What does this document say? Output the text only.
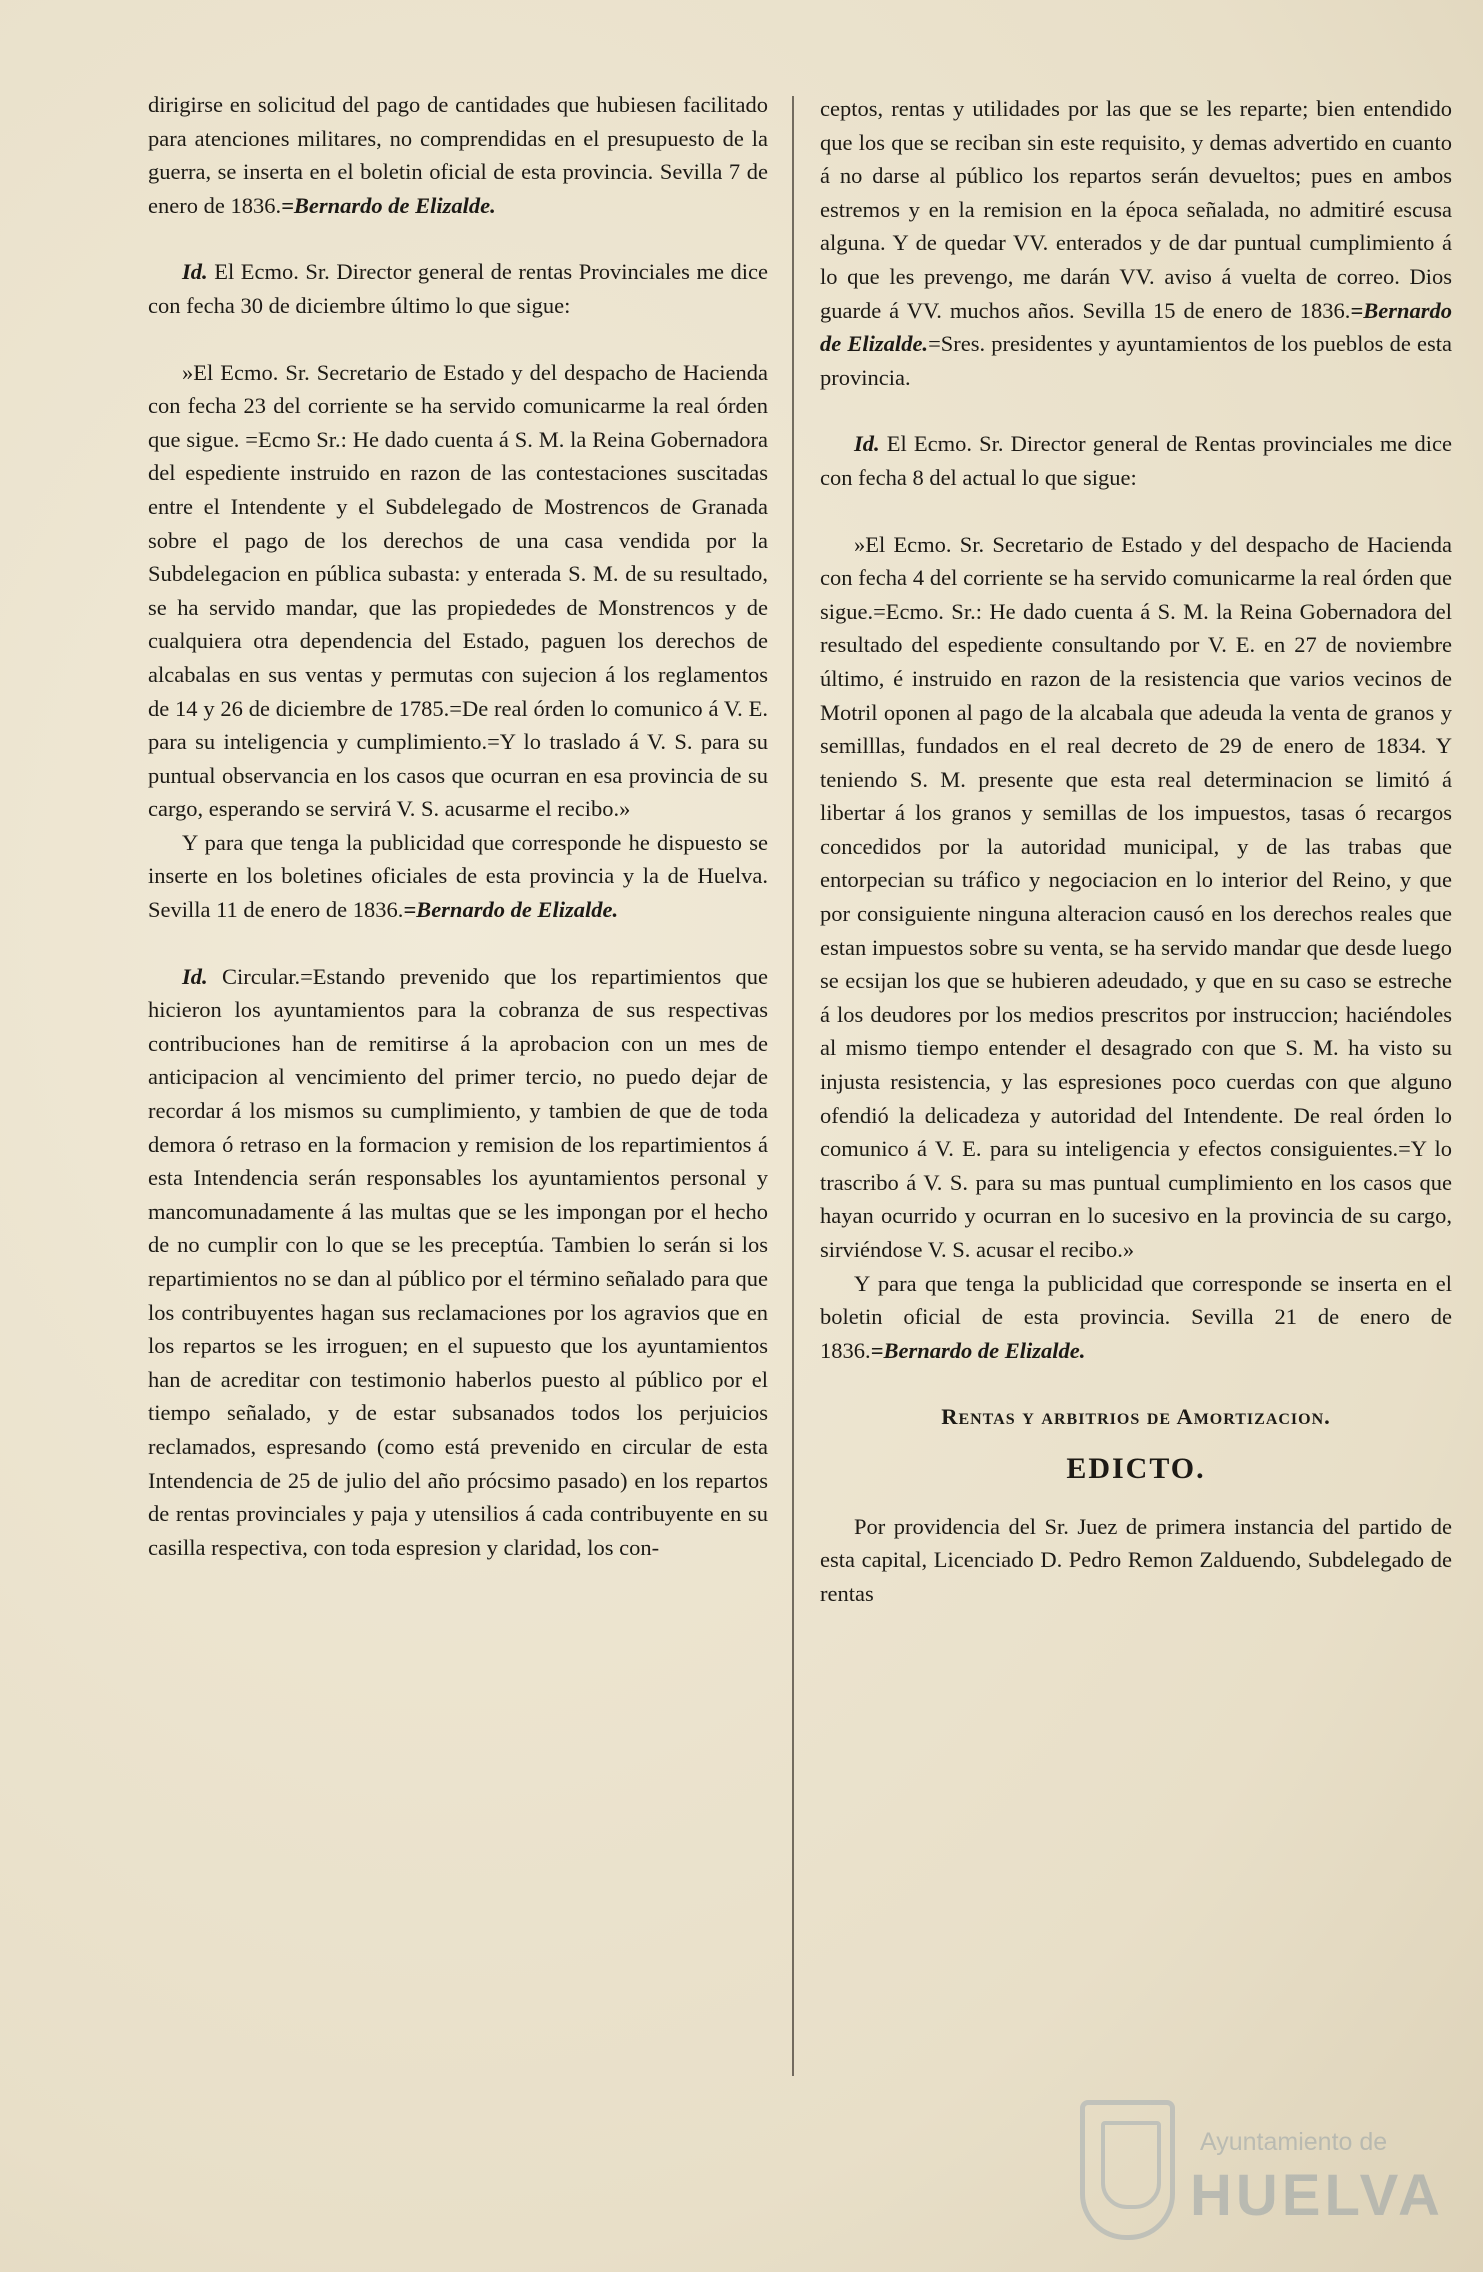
dirigirse en solicitud del pago de cantidades que hubiesen facilitado para atenciones militares, no comprendidas en el presupuesto de la guerra, se inserta en el boletin oficial de esta provincia. Sevilla 7 de enero de 1836.=Bernardo de Elizalde.

Id. El Ecmo. Sr. Director general de rentas Provinciales me dice con fecha 30 de diciembre último lo que sigue:

»El Ecmo. Sr. Secretario de Estado y del despacho de Hacienda con fecha 23 del corriente se ha servido comunicarme la real órden que sigue. =Ecmo Sr.: He dado cuenta á S. M. la Reina Gobernadora del espediente instruido en razon de las contestaciones suscitadas entre el Intendente y el Subdelegado de Mostrencos de Granada sobre el pago de los derechos de una casa vendida por la Subdelegacion en pública subasta: y enterada S. M. de su resultado, se ha servido mandar, que las propiededes de Monstrencos y de cualquiera otra dependencia del Estado, paguen los derechos de alcabalas en sus ventas y permutas con sujecion á los reglamentos de 14 y 26 de diciembre de 1785.=De real órden lo comunico á V. E. para su inteligencia y cumplimiento.=Y lo traslado á V. S. para su puntual observancia en los casos que ocurran en esa provincia de su cargo, esperando se servirá V. S. acusarme el recibo.»

Y para que tenga la publicidad que corresponde he dispuesto se inserte en los boletines oficiales de esta provincia y la de Huelva. Sevilla 11 de enero de 1836.=Bernardo de Elizalde.

Id. Circular.=Estando prevenido que los repartimientos que hicieron los ayuntamientos para la cobranza de sus respectivas contribuciones han de remitirse á la aprobacion con un mes de anticipacion al vencimiento del primer tercio, no puedo dejar de recordar á los mismos su cumplimiento, y tambien de que de toda demora ó retraso en la formacion y remision de los repartimientos á esta Intendencia serán responsables los ayuntamientos personal y mancomunadamente á las multas que se les impongan por el hecho de no cumplir con lo que se les preceptúa. Tambien lo serán si los repartimientos no se dan al público por el término señalado para que los contribuyentes hagan sus reclamaciones por los agravios que en los repartos se les irroguen; en el supuesto que los ayuntamientos han de acreditar con testimonio haberlos puesto al público por el tiempo señalado, y de estar subsanados todos los perjuicios reclamados, espresando (como está prevenido en circular de esta Intendencia de 25 de julio del año prócsimo pasado) en los repartos de rentas provinciales y paja y utensilios á cada contribuyente en su casilla respectiva, con toda espresion y claridad, los con-

ceptos, rentas y utilidades por las que se les reparte; bien entendido que los que se reciban sin este requisito, y demas advertido en cuanto á no darse al público los repartos serán devueltos; pues en ambos estremos y en la remision en la época señalada, no admitiré escusa alguna. Y de quedar VV. enterados y de dar puntual cumplimiento á lo que les prevengo, me darán VV. aviso á vuelta de correo. Dios guarde á VV. muchos años. Sevilla 15 de enero de 1836.=Bernardo de Elizalde.=Sres. presidentes y ayuntamientos de los pueblos de esta provincia.

Id. El Ecmo. Sr. Director general de Rentas provinciales me dice con fecha 8 del actual lo que sigue:

»El Ecmo. Sr. Secretario de Estado y del despacho de Hacienda con fecha 4 del corriente se ha servido comunicarme la real órden que sigue.=Ecmo. Sr.: He dado cuenta á S. M. la Reina Gobernadora del resultado del espediente consultando por V. E. en 27 de noviembre último, é instruido en razon de la resistencia que varios vecinos de Motril oponen al pago de la alcabala que adeuda la venta de granos y semilllas, fundados en el real decreto de 29 de enero de 1834. Y teniendo S. M. presente que esta real determinacion se limitó á libertar á los granos y semillas de los impuestos, tasas ó recargos concedidos por la autoridad municipal, y de las trabas que entorpecian su tráfico y negociacion en lo interior del Reino, y que por consiguiente ninguna alteracion causó en los derechos reales que estan impuestos sobre su venta, se ha servido mandar que desde luego se ecsijan los que se hubieren adeudado, y que en su caso se estreche á los deudores por los medios prescritos por instruccion; haciéndoles al mismo tiempo entender el desagrado con que S. M. ha visto su injusta resistencia, y las espresiones poco cuerdas con que alguno ofendió la delicadeza y autoridad del Intendente. De real órden lo comunico á V. E. para su inteligencia y efectos consiguientes.=Y lo trascribo á V. S. para su mas puntual cumplimiento en los casos que hayan ocurrido y ocurran en lo sucesivo en la provincia de su cargo, sirviéndose V. S. acusar el recibo.»

Y para que tenga la publicidad que corresponde se inserta en el boletin oficial de esta provincia. Sevilla 21 de enero de 1836.=Bernardo de Elizalde.

Rentas y arbitrios de Amortizacion.
EDICTO.

Por providencia del Sr. Juez de primera instancia del partido de esta capital, Licenciado D. Pedro Remon Zalduendo, Subdelegado de rentas

Ayuntamiento de
HUELVA
